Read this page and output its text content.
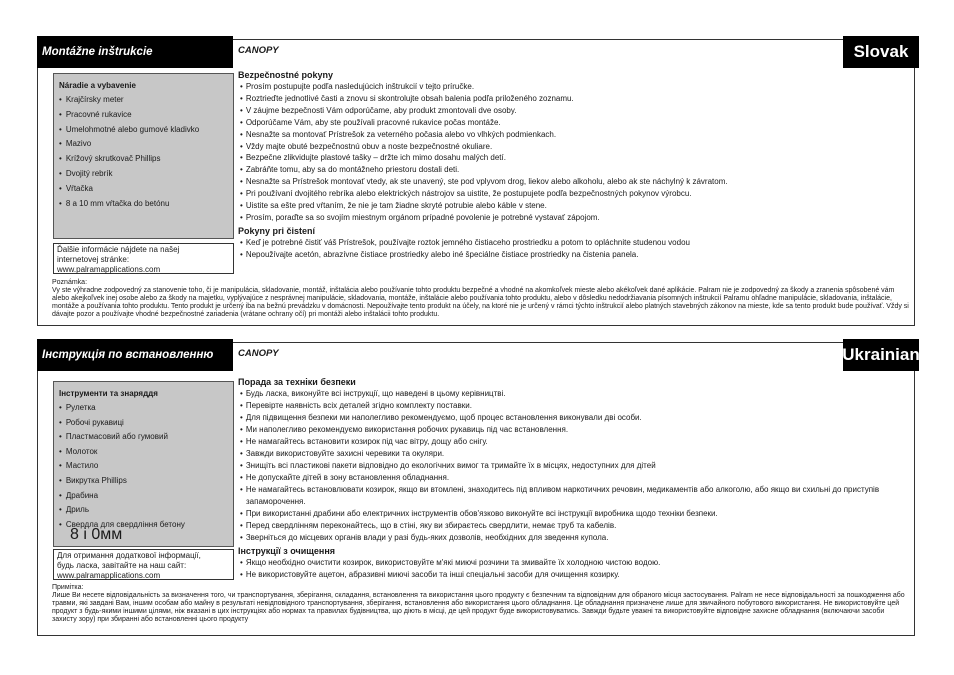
Montážne inštrukcie	Slovak
CANOPY
Náradie a vybavenie
• Krajčírsky meter
• Pracovné rukavice
• Umelohmotné alebo gumové kladivko
• Mazivo
• Krížový skrutkovač Phillips
• Dvojitý rebrík
• Vŕtačka
• 8 a 10 mm vŕtačka do betónu
Ďalšie informácie nájdete na našej
internetovej stránke:
www.palramapplications.com

Bezpečnostné pokyny

• Prosím postupujte podľa nasledujúcich inštrukcií v tejto príručke.
• Roztrieďte jednotlivé časti a znovu si skontrolujte obsah balenia podľa priloženého zoznamu.
• V záujme bezpečnosti Vám odporúčame, aby produkt zmontovali dve osoby.
• Odporúčame Vám, aby ste používali pracovné rukavice počas montáže.
• Nesnažte sa montovať Prístrešok za veterného počasia alebo vo vlhkých podmienkach.
• Vždy majte obuté bezpečnostnú obuv a noste bezpečnostné okuliare.
• Bezpečne zlikvidujte plastové tašky – držte ich mimo dosahu malých detí.
• Zabráňte tomu, aby sa do montážneho priestoru dostali deti.
• Nesnažte sa Prístrešok montovať vtedy, ak ste unavený, ste pod vplyvom drog, liekov alebo alkoholu, alebo ak ste náchylný k závratom.
• Pri používaní dvojitého rebríka alebo elektrických nástrojov sa uistite, že postupujete podľa bezpečnostných pokynov výrobcu.
• Uistite sa ešte pred vŕtaním, že nie je tam žiadne skryté potrubie alebo káble v stene.
• Prosím, poraďte sa so svojím miestnym orgánom prípadné povolenie je potrebné vystavať zápojom.

Pokyny pri čistení

• Keď je potrebné čistiť váš Prístrešok, používajte roztok jemného čistiaceho prostriedku a potom to opláchnite studenou vodou
• Nepoužívajte acetón, abrazívne čistiace prostriedky alebo iné špeciálne čistiace prostriedky na čistenia panela.
Poznámka:
Vy ste výhradne zodpovedný za stanovenie toho, či je manipulácia, skladovanie, montáž, inštalácia alebo používanie tohto produktu bezpečné a vhodné na akomkoľvek mieste alebo akékoľvek dané aplikácie. Palram nie je zodpovedný za škody a zranenia spôsobené vám alebo akejkoľvek inej osobe alebo za škody na majetku, vyplývajúce z nesprávnej manipulácie, skladovania, montáže, inštalácie alebo používania tohto produktu, alebo v dôsledku nedodržiavania písomných inštrukcií Palramu ohľadne manipulácie, skladovania, inštalácie, montáže a používania tohto produktu. Tento produkt je určený iba na bežnú prevádzku v domácnosti. Nepoužívajte tento produkt na účely, na ktoré nie je určený v rámci týchto inštrukcií alebo platných stavebných zákonov na mieste, kde sa tento produkt bude používať. Vždy si dávajte pozor a používajte vhodné bezpečnostné zariadenia (vrátane ochrany očí) pri montáži alebo inštalácii tohto produktu.
Інструкція по встановленню	Ukrainian
CANOPY
Інструменти та знаряддя
• Рулетка
• Робочі рукавиці
• Пластмасовий або гумовий
• Молоток
• Мастило
• Викрутка Phillips
• Драбина
• Дриль
• Свердла для свердління бетону
8 і 0мм
Для отримання додаткової інформації,
будь ласка, завітайте на наш сайт:
www.palramapplications.com

Порада за техніки безпеки

• Будь ласка, виконуйте всі інструкції, що наведені в цьому керівництві.
• Перевірте наявність всіх деталей згідно комплекту поставки.
• Для підвищення безпеки ми наполегливо рекомендуємо, щоб процес встановлення виконували дві особи.
• Ми наполегливо рекомендуємо використання робочих рукавиць під час встановлення.
• Не намагайтесь встановити козирок під час вітру, дощу або снігу.
• Завжди використовуйте захисні черевики та окуляри.
• Знищіть всі пластикові пакети відповідно до екологічних вимог та тримайте їх в місцях, недоступних для дітей
• Не допускайте дітей в зону встановлення обладнання.
• Не намагайтесь встановлювати козирок, якщо ви втомлені, знаходитесь під впливом наркотичних речовин, медикаментів або алкоголю, або якщо ви схильні до приступів запаморочення.
• При використанні драбини або електричних інструментів обов'язково виконуйте всі інструкції виробника щодо техніки безпеки.
• Перед свердлінням переконайтесь, що в стіні, яку ви збираєтесь свердлити, немає труб та кабелів.
• Зверніться до місцевих органів влади у разі будь-яких дозволів, необхідних для зведення купола.

Інструкції з очищення

• Якщо необхідно очистити козирок, використовуйте м'які миючі розчини та змивайте їх холодною чистою водою.
• Не використовуйте ацетон, абразивні миючі засоби та інші спеціальні засоби для очищення козирку.
Примітка:
Лише Ви несете відповідальність за визначення того, чи транспортування, зберігання, складання, встановлення та використання цього продукту є безпечним та відповідним для обраного місця застосування. Palram не несе відповідальності за пошкодження або травми, які завдані Вам, іншим особам або майну в результаті невідповідного транспортування, зберігання, встановлення або використання цього обладнання. Це обладнання призначене лише для звичайного побутового використання. Не використовуйте цей продукт з будь-якими іншими цілями, ніж вказані в цих інструкціях або нормах та правилах будівництва, що діють в місці, де цей продукт буде використовуватись. Завжди будьте уважні та використовуйте відповідне захисне обладнання (включаючи засоби захисту зору) при збиранні або встановленні цього продукту
